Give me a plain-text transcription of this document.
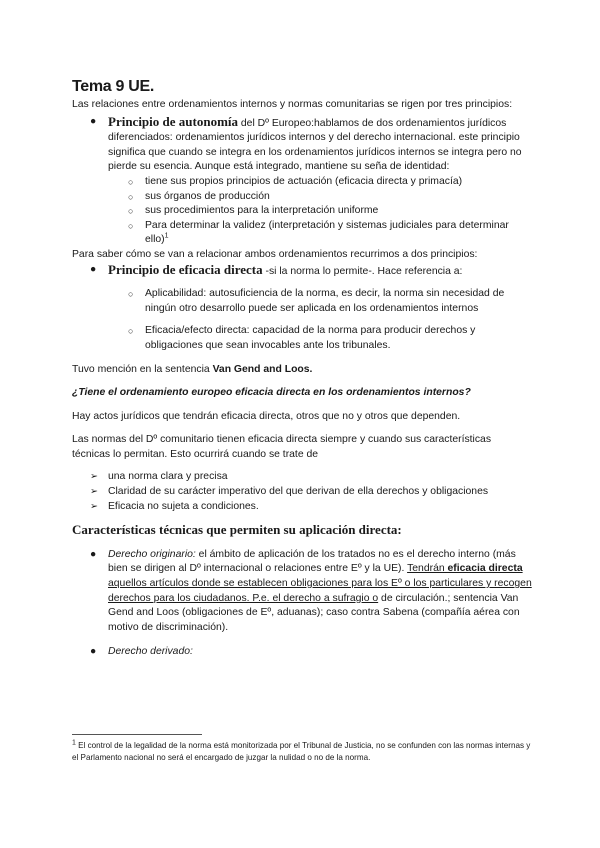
Tema 9 UE.

Las relaciones entre ordenamientos internos y normas comunitarias se rigen por tres principios:

● Principio de autonomía del Dº Europeo:hablamos de dos ordenamientos jurídicos diferenciados: ordenamientos jurídicos internos y del derecho internacional. este principio significa que cuando se integra en los ordenamientos jurídicos internos se integra pero no pierde su esencia. Aunque está integrado, mantiene su seña de identidad:
○ tiene sus propios principios de actuación (eficacia directa y primacía)
○ sus órganos de producción
○ sus procedimientos para la interpretación uniforme
○ Para determinar la validez (interpretación y sistemas judiciales para determinar ello)$^1$

Para saber cómo se van a relacionar ambos ordenamientos recurrimos a dos principios:

● Principio de eficacia directa -si la norma lo permite-. Hace referencia a:
○ Aplicabilidad: autosuficiencia de la norma, es decir, la norma sin necesidad de ningún otro desarrollo puede ser aplicada en los ordenamientos internos
○ Eficacia/efecto directa: capacidad de la norma para producir derechos y obligaciones que sean invocables ante los tribunales.

Tuvo mención en la sentencia Van Gend and Loos.

¿Tiene el ordenamiento europeo eficacia directa en los ordenamientos internos?

Hay actos jurídicos que tendrán eficacia directa, otros que no y otros que dependen.

Las normas del Dº comunitario tienen eficacia directa siempre y cuando sus características técnicas lo permitan. Esto ocurrirá cuando se trate de

➢ una norma clara y precisa
➢ Claridad de su carácter imperativo del que derivan de ella derechos y obligaciones
➢ Eficacia no sujeta a condiciones.

Características técnicas que permiten su aplicación directa:

● Derecho originario: el ámbito de aplicación de los tratados no es el derecho interno (más bien se dirigen al Dº internacional o relaciones entre Eº y la UE). Tendrán eficacia directa aquellos artículos donde se establecen obligaciones para los Eº o los particulares y recogen derechos para los ciudadanos. P.e. el derecho a sufragio o de circulación.; sentencia Van Gend and Loos (obligaciones de Eº, aduanas); caso contra Sabena (compañía aérea con motivo de discriminación).
● Derecho derivado:
$^1$ El control de la legalidad de la norma está monitorizada por el Tribunal de Justicia, no se confunden con las normas internas y el Parlamento nacional no será el encargado de juzgar la nulidad o no de la norma.
